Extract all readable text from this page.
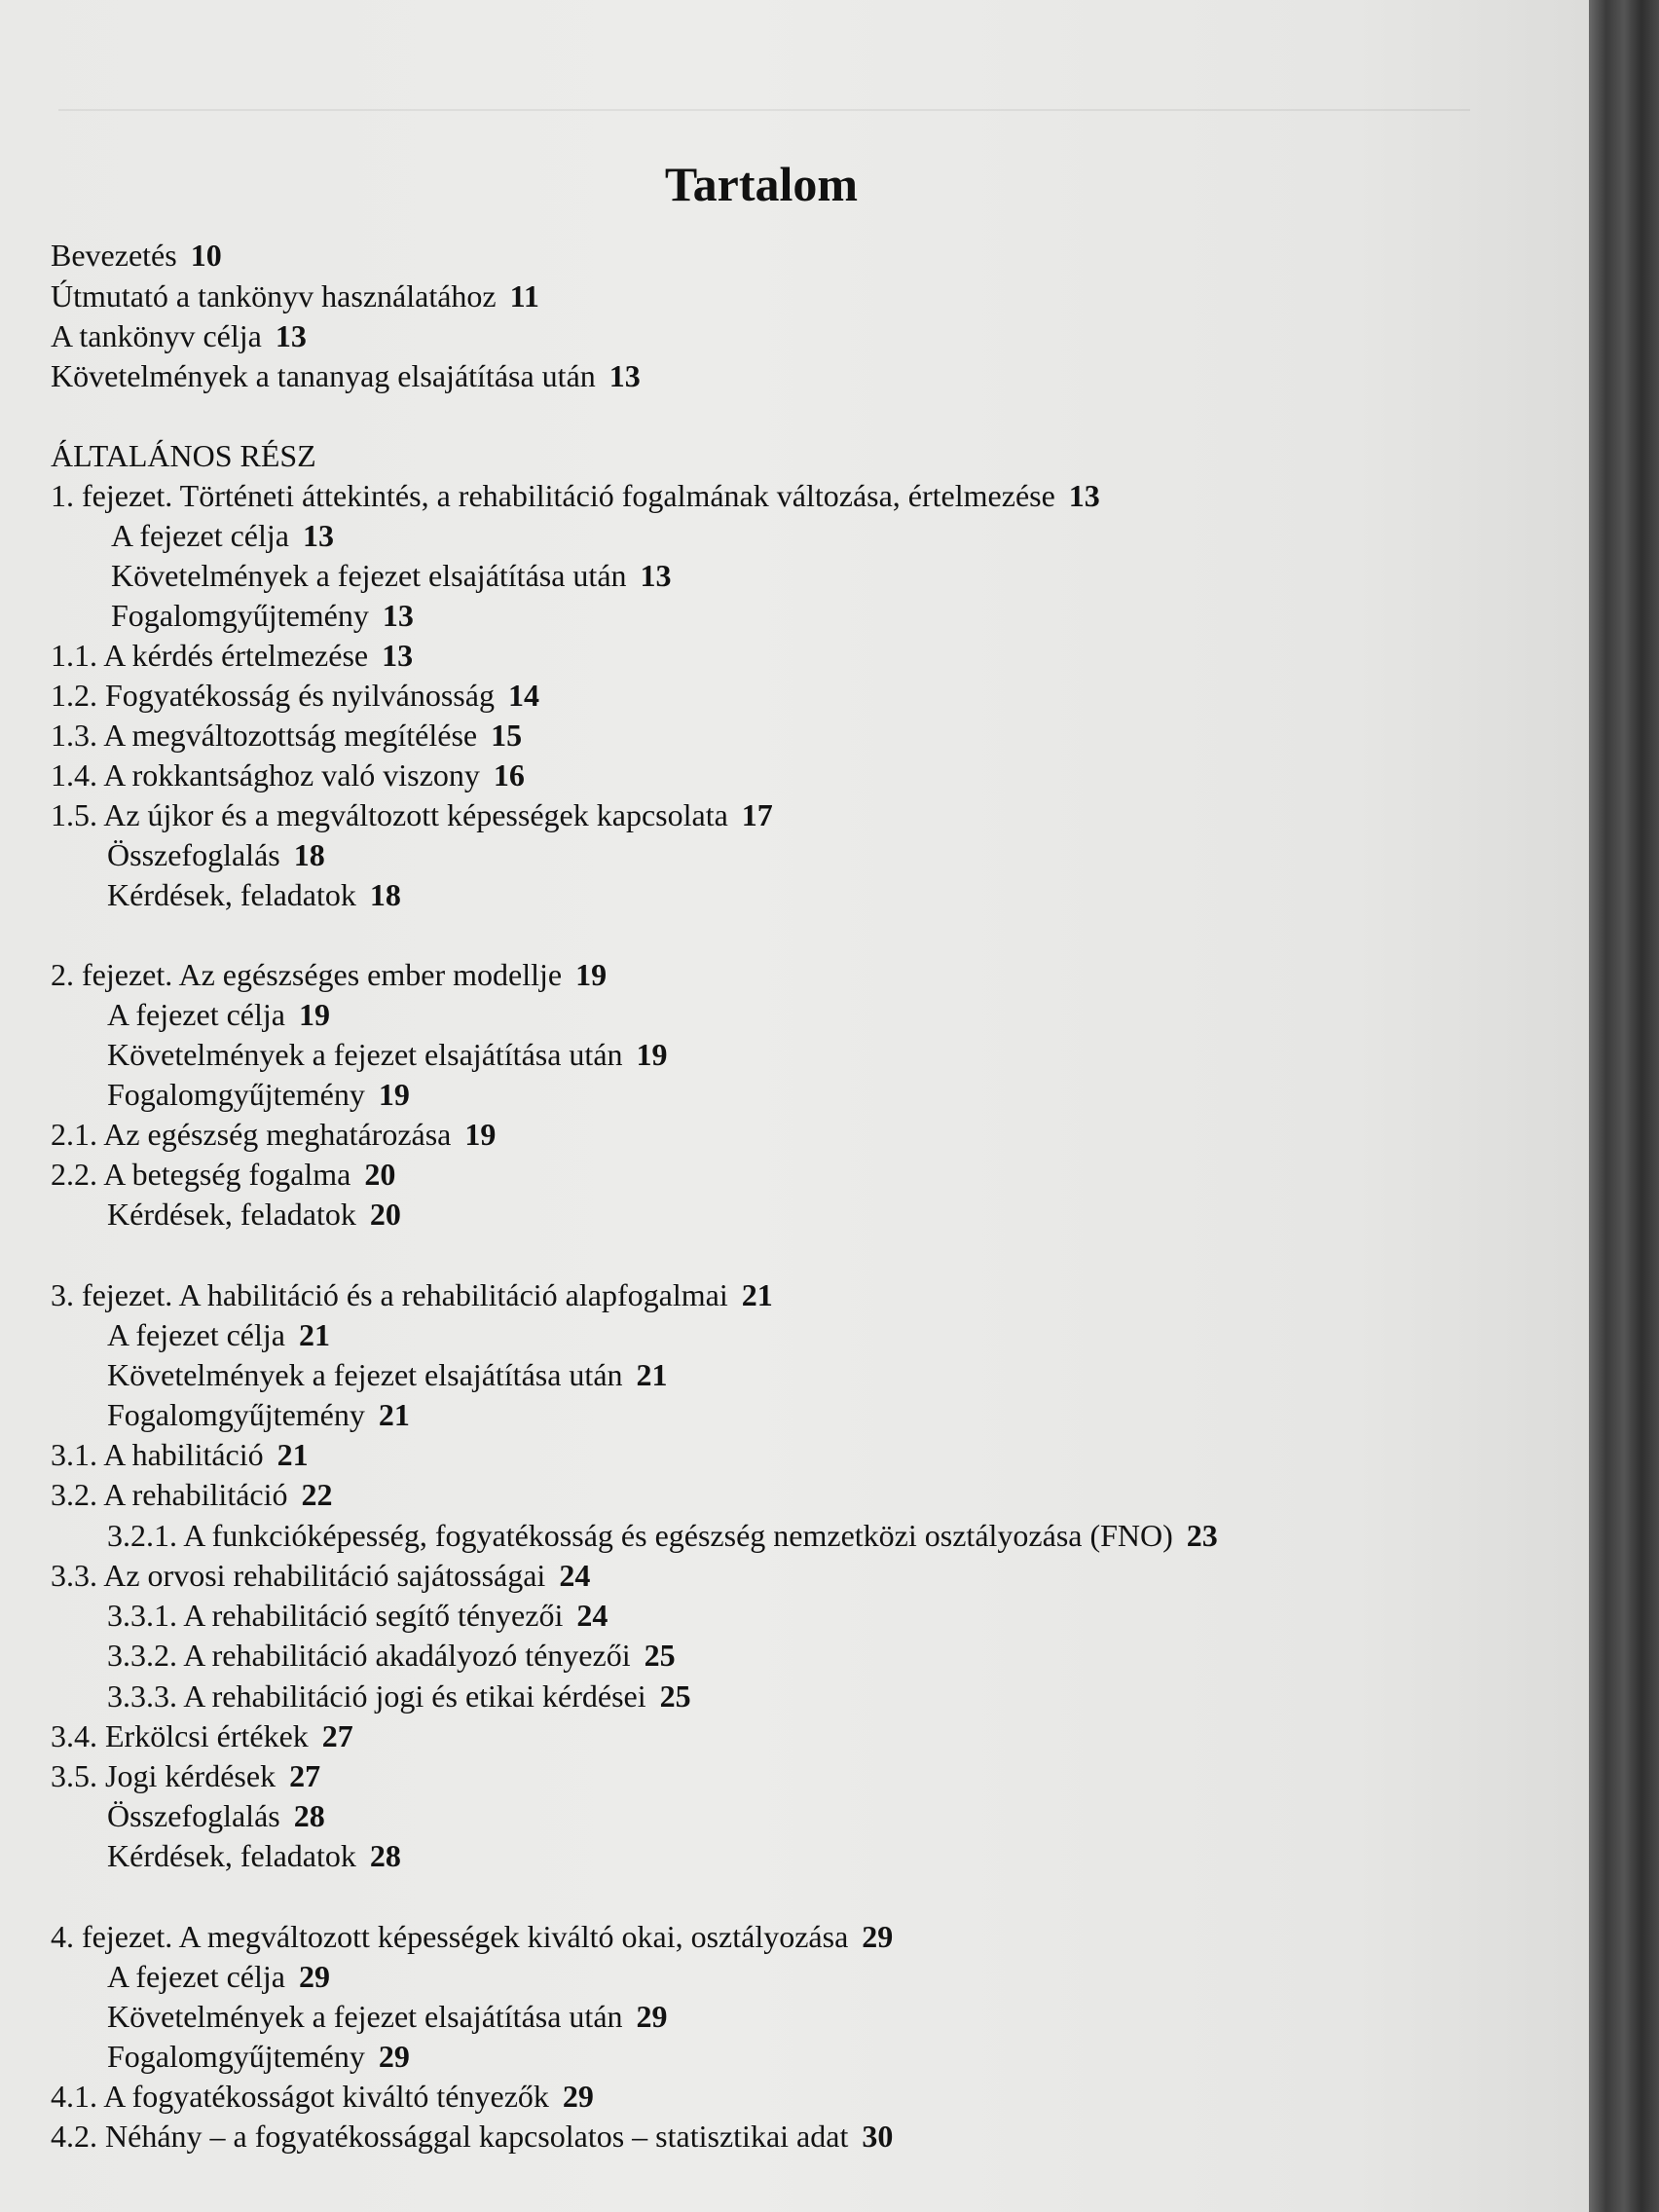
Tartalom
Bevezetés 10
Útmutató a tankönyv használatához 11
A tankönyv célja 13
Követelmények a tananyag elsajátítása után 13
ÁLTALÁNOS RÉSZ
1. fejezet. Történeti áttekintés, a rehabilitáció fogalmának változása, értelmezése 13
A fejezet célja 13
Követelmények a fejezet elsajátítása után 13
Fogalomgyűjtemény 13
1.1. A kérdés értelmezése 13
1.2. Fogyatékosság és nyilvánosság 14
1.3. A megváltozottság megítélése 15
1.4. A rokkantsághoz való viszony 16
1.5. Az újkor és a megváltozott képességek kapcsolata 17
Összefoglalás 18
Kérdések, feladatok 18
2. fejezet. Az egészséges ember modellje 19
A fejezet célja 19
Követelmények a fejezet elsajátítása után 19
Fogalomgyűjtemény 19
2.1. Az egészség meghatározása 19
2.2. A betegség fogalma 20
Kérdések, feladatok 20
3. fejezet. A habilitáció és a rehabilitáció alapfogalmai 21
A fejezet célja 21
Követelmények a fejezet elsajátítása után 21
Fogalomgyűjtemény 21
3.1. A habilitáció 21
3.2. A rehabilitáció 22
3.2.1. A funkcióképesség, fogyatékosság és egészség nemzetközi osztályozása (FNO) 23
3.3. Az orvosi rehabilitáció sajátosságai 24
3.3.1. A rehabilitáció segítő tényezői 24
3.3.2. A rehabilitáció akadályozó tényezői 25
3.3.3. A rehabilitáció jogi és etikai kérdései 25
3.4. Erkölcsi értékek 27
3.5. Jogi kérdések 27
Összefoglalás 28
Kérdések, feladatok 28
4. fejezet. A megváltozott képességek kiváltó okai, osztályozása 29
A fejezet célja 29
Követelmények a fejezet elsajátítása után 29
Fogalomgyűjtemény 29
4.1. A fogyatékosságot kiváltó tényezők 29
4.2. Néhány – a fogyatékossággal kapcsolatos – statisztikai adat 30
